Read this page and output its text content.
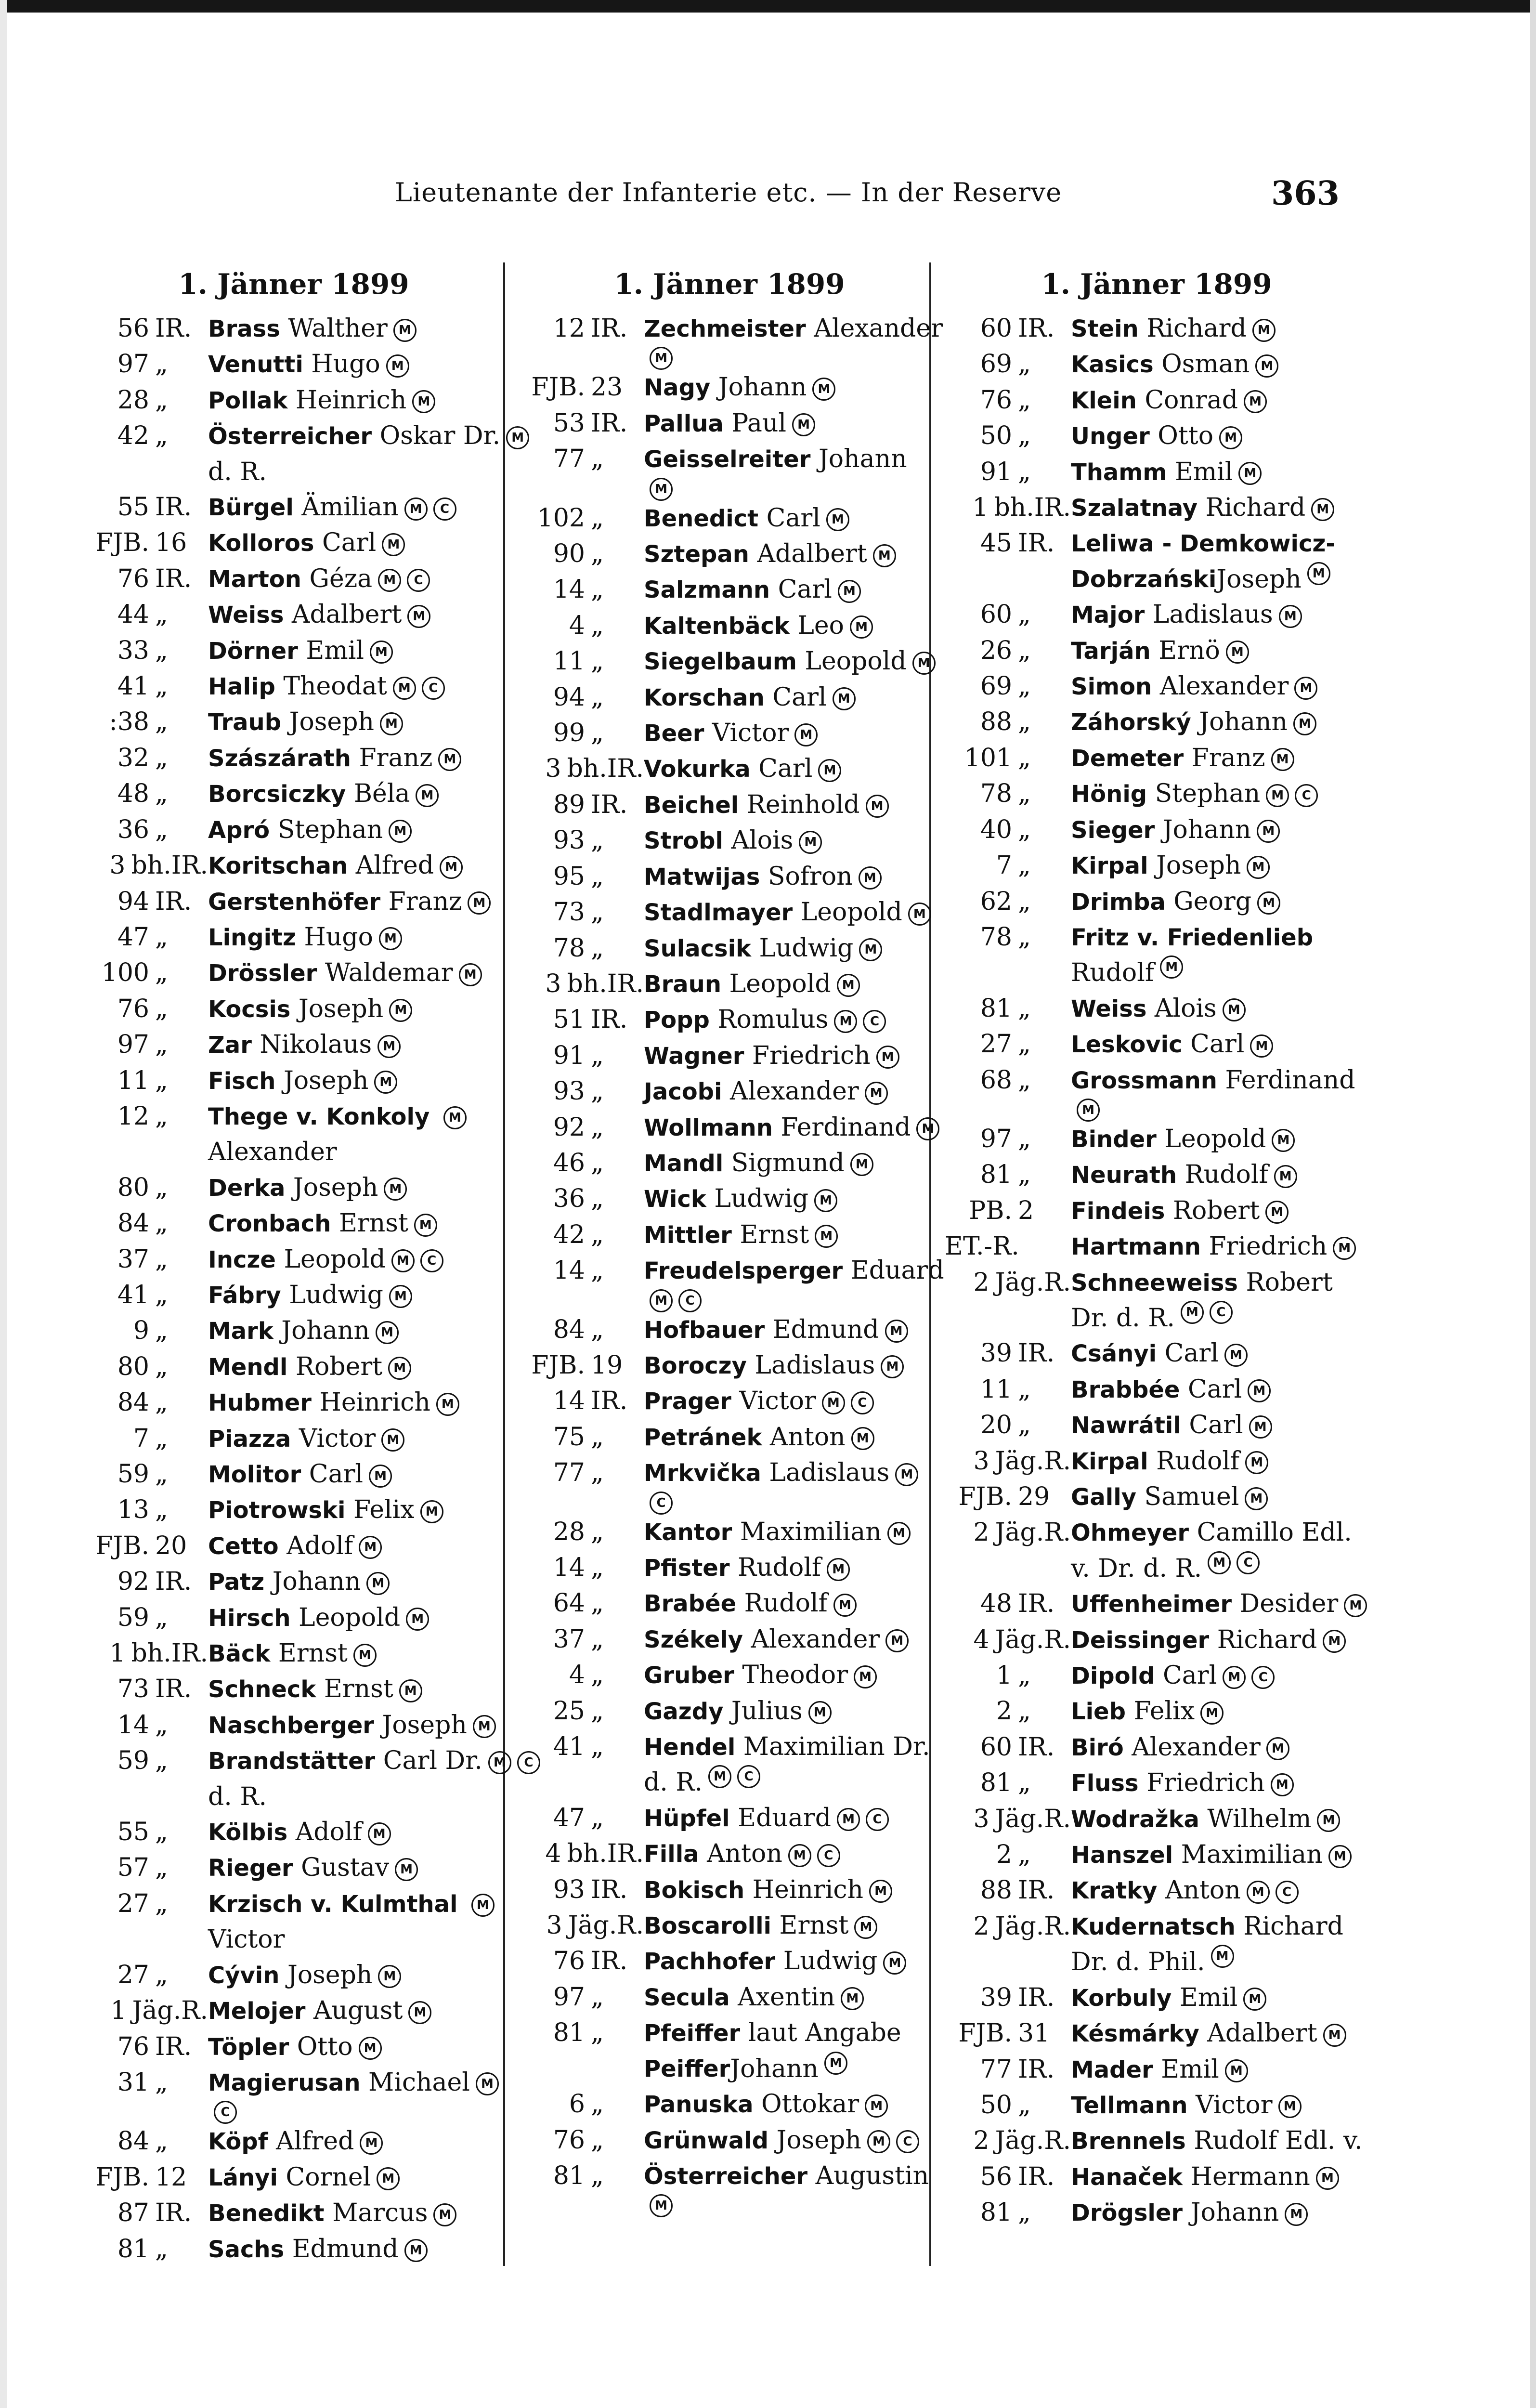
Lieutenante der Infanterie etc. — In der Reserve	363
1. Jänner 1899
56 IR. Brass Walther M
97 „ Venutti Hugo M
28 „ Pollak Heinrich M
42 „ Österreicher Oskar Dr. M
d. R.
55 IR. Bürgel Ämilian M C
FJB. 16 Kolloros Carl M
76 IR. Marton Géza M C
44 „ Weiss Adalbert M
33 „ Dörner Emil M
41 „ Halip Theodat M C
:38 „ Traub Joseph M
32 „ Szászárath Franz M
48 „ Borcsiczky Béla M
36 „ Apró Stephan M
3 bh.IR. Koritschan Alfred M
94 IR. Gerstenhöfer Franz M
47 „ Lingitz Hugo M
100 „ Drössler Waldemar M
76 „ Kocsis Joseph M
97 „ Zar Nikolaus M
11 „ Fisch Joseph M
12 „ Thege v. Konkoly M
Alexander
80 „ Derka Joseph M
84 „ Cronbach Ernst M
37 „ Incze Leopold M C
41 „ Fábry Ludwig M
9 „ Mark Johann M
80 „ Mendl Robert M
84 „ Hubmer Heinrich M
7 „ Piazza Victor M
59 „ Molitor Carl M
13 „ Piotrowski Felix M
FJB. 20 Cetto Adolf M
92 IR. Patz Johann M
59 „ Hirsch Leopold M
1 bh.IR. Bäck Ernst M
73 IR. Schneck Ernst M
14 „ Naschberger Joseph M
59 „ Brandstätter Carl Dr. M C
d. R.
55 „ Kölbis Adolf M
57 „ Rieger Gustav M
27 „ Krzisch v. Kulmthal M
Victor
27 „ Cývin Joseph M
1 Jäg.R. Melojer August M
76 IR. Töpler Otto M
31 „ Magierusan Michael M
C
84 „ Köpf Alfred M
FJB. 12 Lányi Cornel M
87 IR. Benedikt Marcus M
81 „ Sachs Edmund M
1. Jänner 1899
12 IR. Zechmeister Alexander
M
FJB. 23 Nagy Johann M
53 IR. Pallua Paul M
77 „ Geisselreiter Johann
M
102 „ Benedict Carl M
90 „ Sztepan Adalbert M
14 „ Salzmann Carl M
4 „ Kaltenbäck Leo M
11 „ Siegelbaum Leopold M
94 „ Korschan Carl M
99 „ Beer Victor M
3 bh.IR. Vokurka Carl M
89 IR. Beichel Reinhold M
93 „ Strobl Alois M
95 „ Matwijas Sofron M
73 „ Stadlmayer Leopold M
78 „ Sulacsik Ludwig M
3 bh.IR. Braun Leopold M
51 IR. Popp Romulus M C
91 „ Wagner Friedrich M
93 „ Jacobi Alexander M
92 „ Wollmann Ferdinand M
46 „ Mandl Sigmund M
36 „ Wick Ludwig M
42 „ Mittler Ernst M
14 „ Freudelsperger Eduard
M	C
84 „ Hofbauer Edmund M
FJB. 19 Boroczy Ladislaus M
14 IR. Prager Victor M C
75 „ Petránek Anton M
77 „ Mrkvička Ladislaus M
C
28 „ Kantor Maximilian M
14 „ Pfister Rudolf M
64 „ Brabée Rudolf M
37 „ Székely Alexander M
4 „ Gruber Theodor M
25 „ Gazdy Julius M
41 „ Hendel Maximilian Dr.
d. R. M	C
47 „ Hüpfel Eduard M C
4 bh.IR. Filla Anton M C
93 IR. Bokisch Heinrich M
3 Jäg.R. Boscarolli Ernst M
76 IR. Pachhofer Ludwig M
97 „ Secula Axentin M
81 „ Pfeiffer laut Angabe
Peiffer Johann M
6 „ Panuska Ottokar M
76 „ Grünwald Joseph M C
81 „ Österreicher Augustin
M
1. Jänner 1899
60 IR. Stein Richard M
69 „ Kasics Osman M
76 „ Klein Conrad M
50 „ Unger Otto M
91 „ Thamm Emil M
1 bh.IR. Szalatnay Richard M
45 IR. Leliwa - Demkowicz-
Dobrzański Joseph M
60 „ Major Ladislaus M
26 „ Tarján Ernö M
69 „ Simon Alexander M
88 „ Záhorský Johann M
101 „ Demeter Franz M
78 „ Hönig Stephan M C
40 „ Sieger Johann M
7 „ Kirpal Joseph M
62 „ Drimba Georg M
78 „ Fritz v. Friedenlieb
Rudolf M
81 „ Weiss Alois M
27 „ Leskovic Carl M
68 „ Grossmann Ferdinand
M
97 „ Binder Leopold M
81 „ Neurath Rudolf M
PB. 2 Findeis Robert M
ET.-R. Hartmann Friedrich M
2 Jäg.R. Schneeweiss Robert
Dr. d. R. M	C
39 IR. Csányi Carl M
11 „ Brabbée Carl M
20 „ Nawrátil Carl M
3 Jäg.R. Kirpal Rudolf M
FJB. 29 Gally Samuel M
2 Jäg.R. Ohmeyer Camillo Edl.
v. Dr. d. R. M	C
48 IR. Uffenheimer Desider M
4 Jäg.R. Deissinger Richard M
1 „ Dipold Carl M C
2 „ Lieb Felix M
60 IR. Biró Alexander M
81 „ Fluss Friedrich M
3 Jäg.R. Wodražka Wilhelm M
2 „ Hanszel Maximilian M
88 IR. Kratky Anton M C
2 Jäg.R. Kudernatsch Richard
Dr. d. Phil. M
39 IR. Korbuly Emil M
FJB. 31 Késmárky Adalbert M
77 IR. Mader Emil M
50 „ Tellmann Victor M
2 Jäg.R. Brennels Rudolf Edl. v.
56 IR. Hanaček Hermann M
81 „ Drögsler Johann M
